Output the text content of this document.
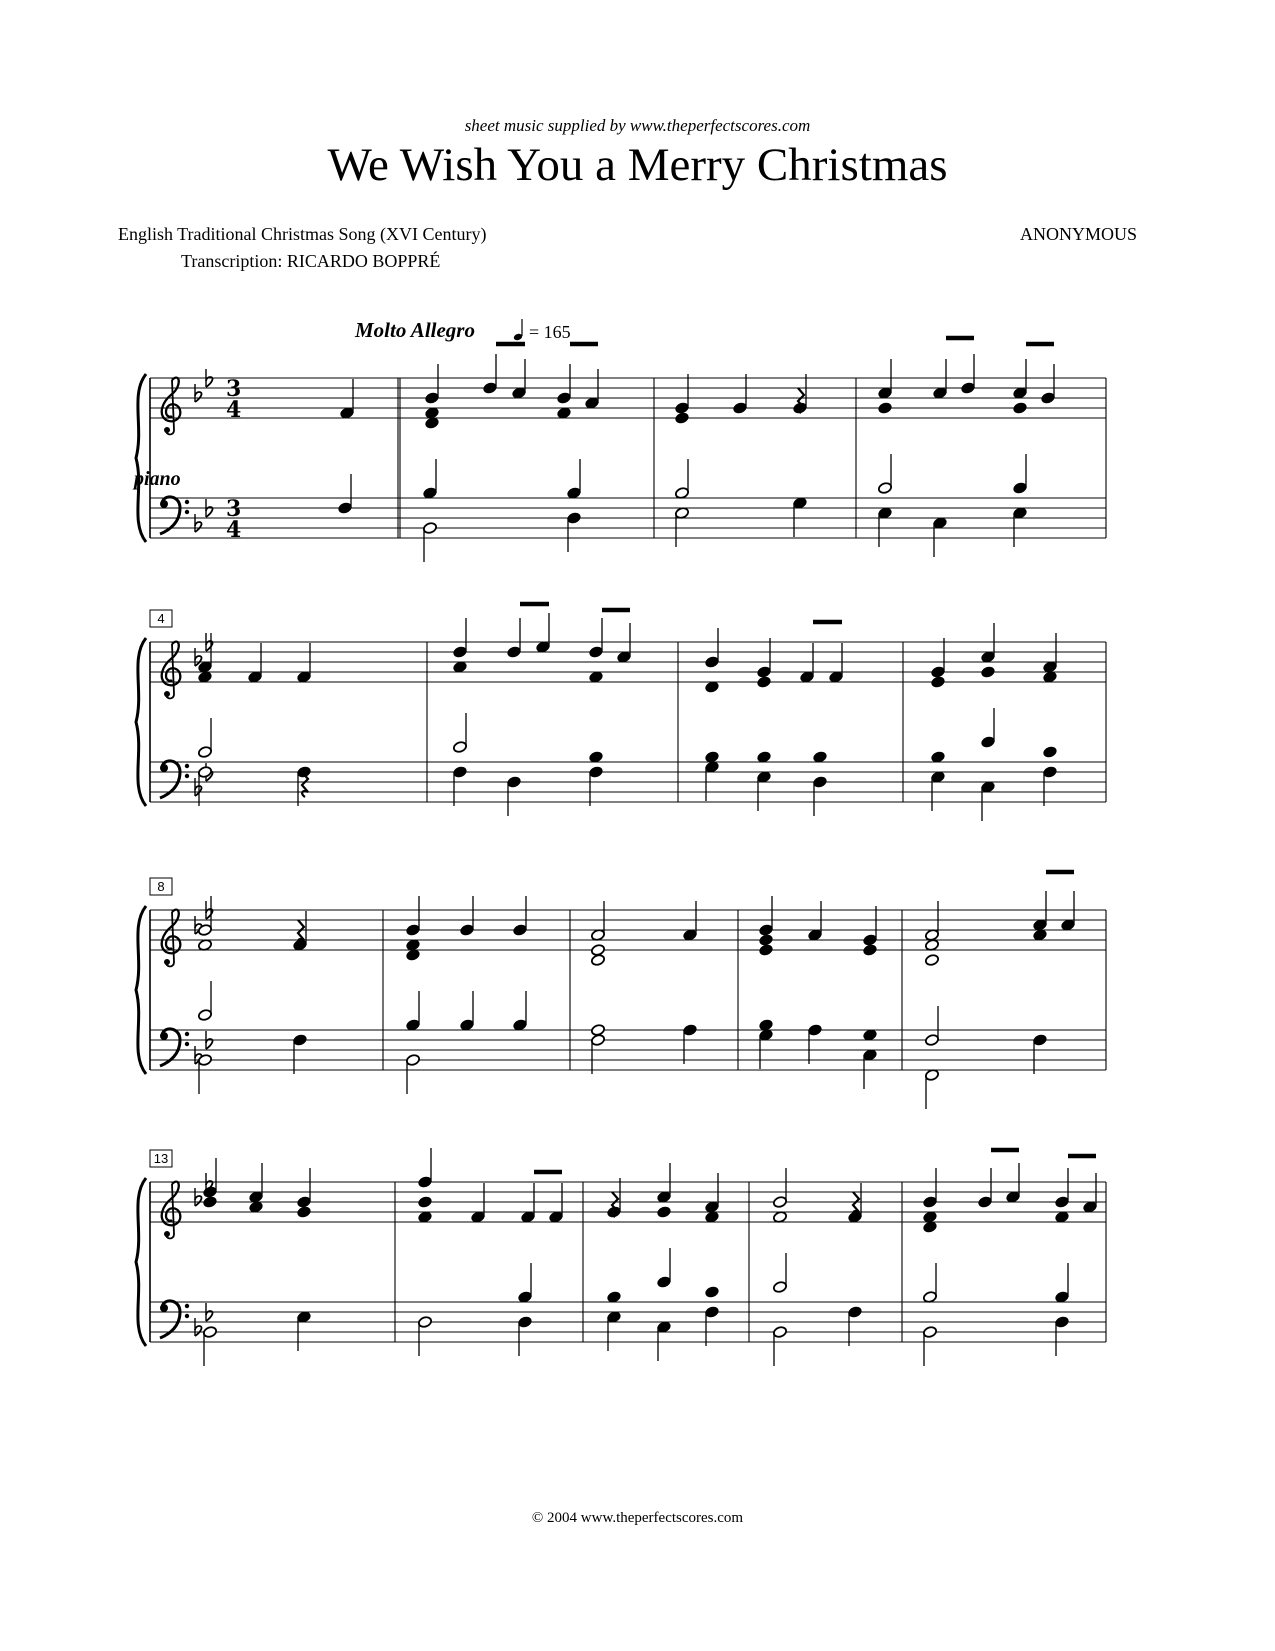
sheet music supplied by www.theperfectscores.com
We Wish You a Merry Christmas
English Traditional Christmas Song (XVI Century)
Transcription: RICARDO BOPPRÉ
ANONYMOUS
Molto Allegro	= 165
piano
3
4
3
4
4
8
13
© 2004 www.theperfectscores.com
